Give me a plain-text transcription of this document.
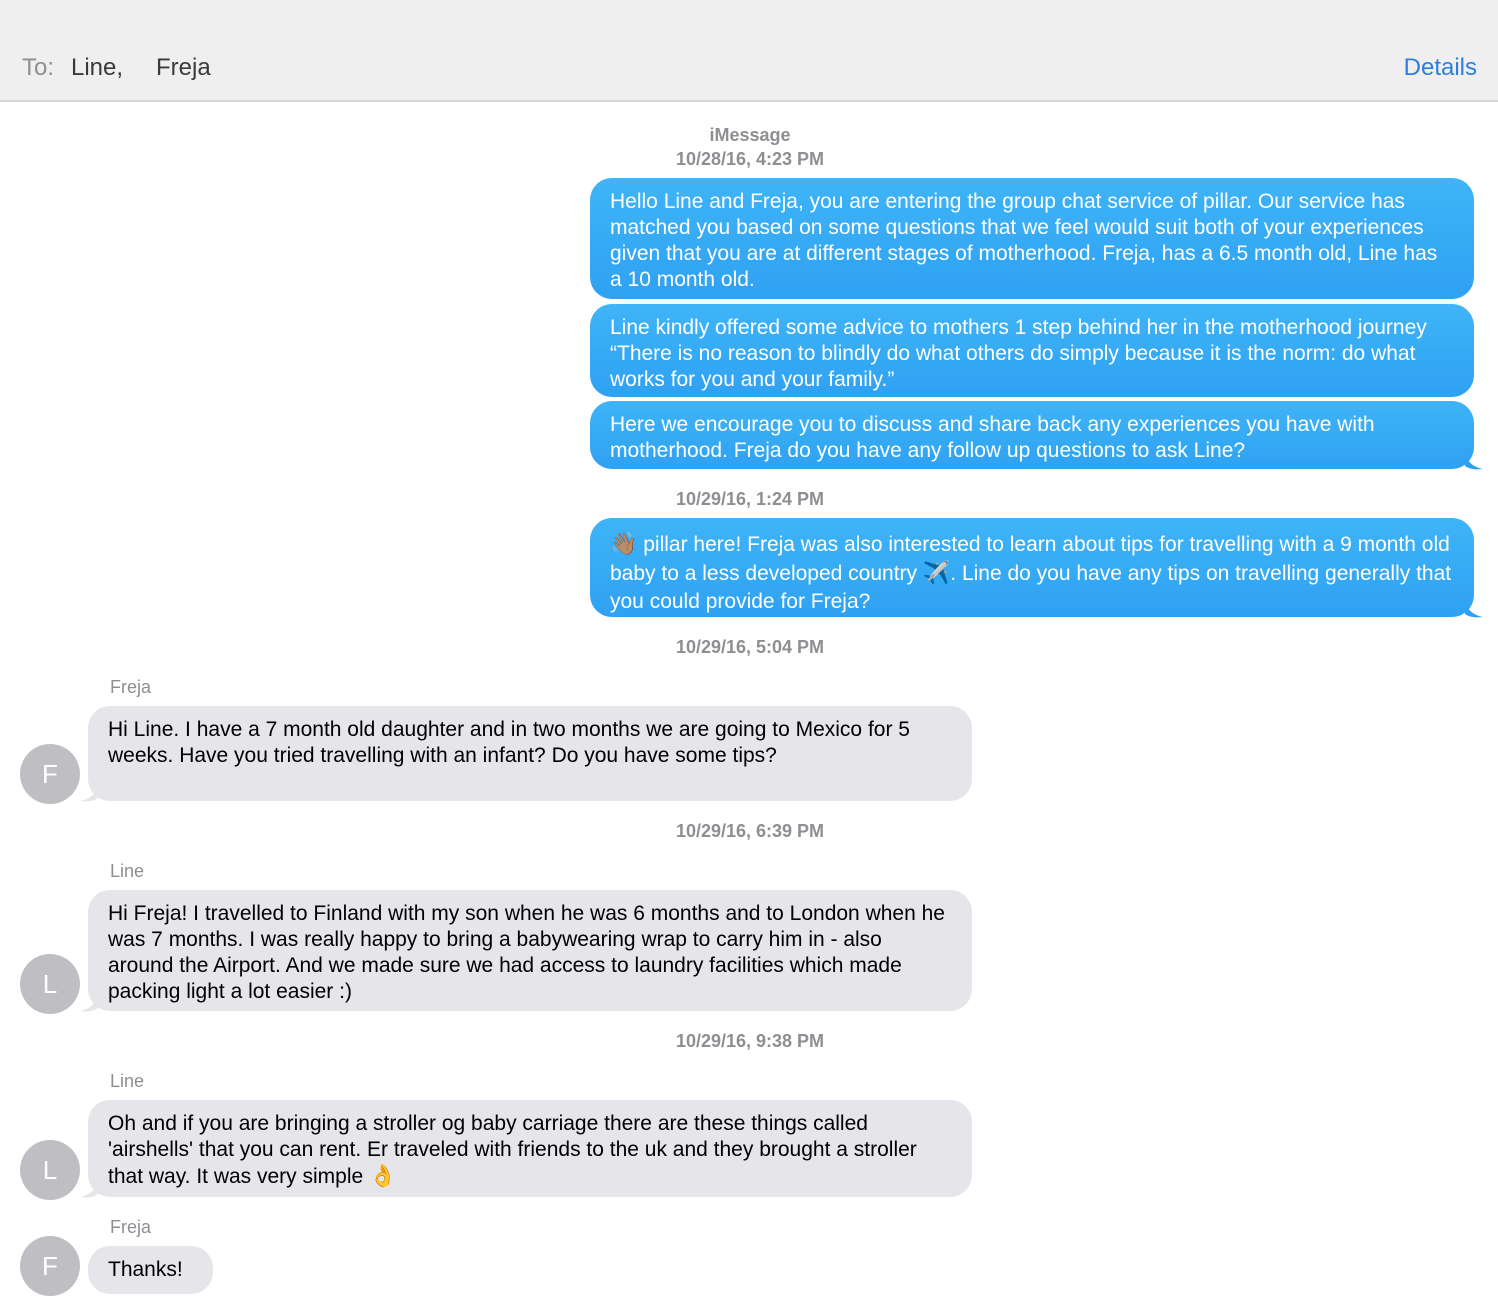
To: Line, Freja	Details
iMessage
10/28/16, 4:23 PM
Hello Line and Freja, you are entering the group chat service of pillar. Our service has matched you based on some questions that we feel would suit both of your experiences given that you are at different stages of motherhood. Freja, has a 6.5 month old, Line has a 10 month old.
Line kindly offered some advice to mothers 1 step behind her in the motherhood journey “There is no reason to blindly do what others do simply because it is the norm: do what works for you and your family.”
Here we encourage you to discuss and share back any experiences you have with motherhood. Freja do you have any follow up questions to ask Line?
10/29/16, 1:24 PM
👋🏽 pillar here! Freja was also interested to learn about tips for travelling with a 9 month old baby to a less developed country ✈️. Line do you have any tips on travelling generally that you could provide for Freja?
10/29/16, 5:04 PM
Freja
F
Hi Line. I have a 7 month old daughter and in two months we are going to Mexico for 5 weeks. Have you tried travelling with an infant? Do you have some tips?
10/29/16, 6:39 PM
Line
L
Hi Freja! I travelled to Finland with my son when he was 6 months and to London when he was 7 months. I was really happy to bring a babywearing wrap to carry him in - also around the Airport. And we made sure we had access to laundry facilities which made packing light a lot easier :)
10/29/16, 9:38 PM
Line
L
Oh and if you are bringing a stroller og baby carriage there are these things called 'airshells' that you can rent. Er traveled with friends to the uk and they brought a stroller that way. It was very simple 👌
Freja
F	Thanks!
